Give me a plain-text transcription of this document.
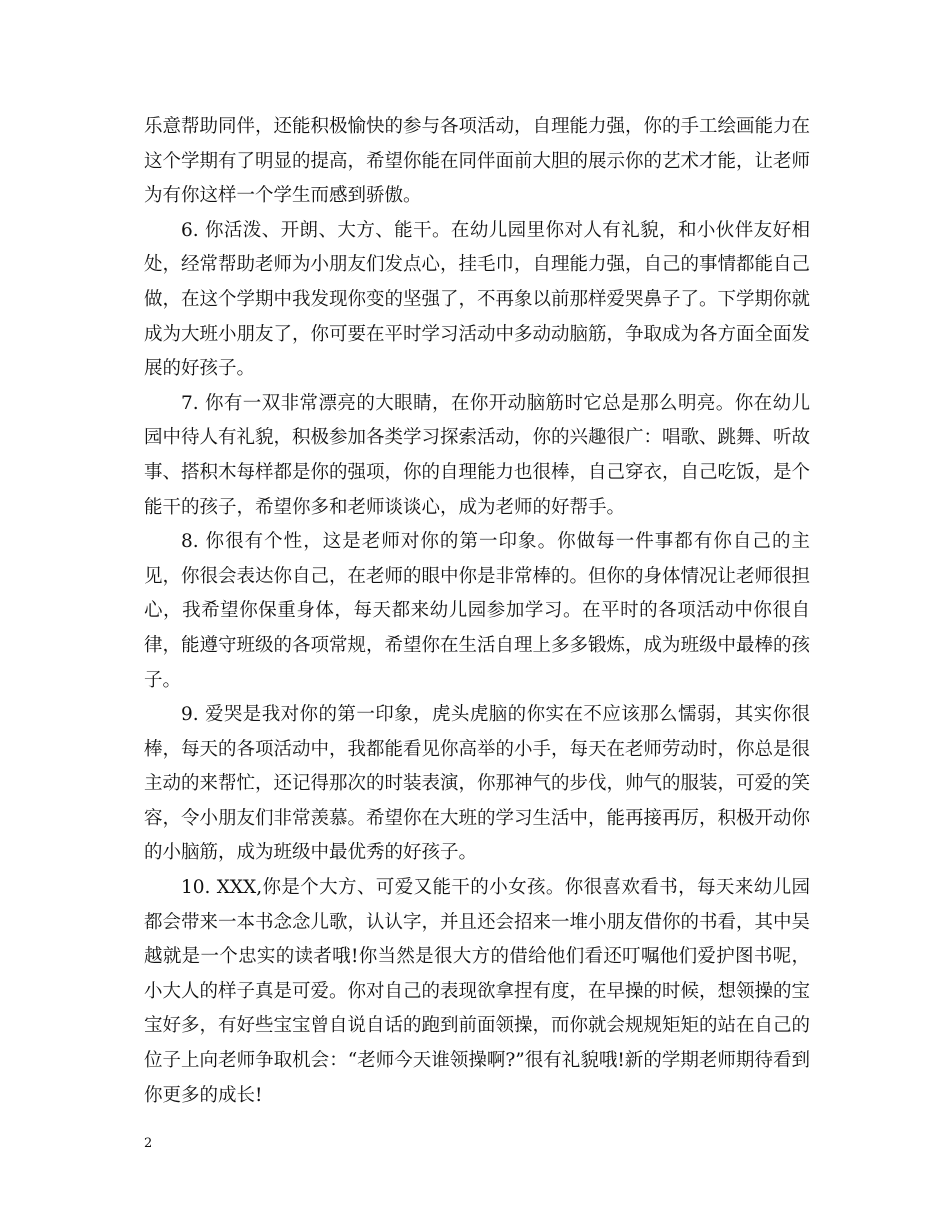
乐意帮助同伴，还能积极愉快的参与各项活动，自理能力强，你的手工绘画能力在这个学期有了明显的提高，希望你能在同伴面前大胆的展示你的艺术才能，让老师为有你这样一个学生而感到骄傲。

6. 你活泼、开朗、大方、能干。在幼儿园里你对人有礼貌，和小伙伴友好相处，经常帮助老师为小朋友们发点心，挂毛巾，自理能力强，自己的事情都能自己做，在这个学期中我发现你变的坚强了，不再象以前那样爱哭鼻子了。下学期你就成为大班小朋友了，你可要在平时学习活动中多动动脑筋，争取成为各方面全面发展的好孩子。

7. 你有一双非常漂亮的大眼睛，在你开动脑筋时它总是那么明亮。你在幼儿园中待人有礼貌，积极参加各类学习探索活动，你的兴趣很广：唱歌、跳舞、听故事、搭积木每样都是你的强项，你的自理能力也很棒，自己穿衣，自己吃饭，是个能干的孩子，希望你多和老师谈谈心，成为老师的好帮手。

8. 你很有个性，这是老师对你的第一印象。你做每一件事都有你自己的主见，你很会表达你自己，在老师的眼中你是非常棒的。但你的身体情况让老师很担心，我希望你保重身体，每天都来幼儿园参加学习。在平时的各项活动中你很自律，能遵守班级的各项常规，希望你在生活自理上多多锻炼，成为班级中最棒的孩子。

9. 爱哭是我对你的第一印象，虎头虎脑的你实在不应该那么懦弱，其实你很棒，每天的各项活动中，我都能看见你高举的小手，每天在老师劳动时，你总是很主动的来帮忙，还记得那次的时装表演，你那神气的步伐，帅气的服装，可爱的笑容，令小朋友们非常羡慕。希望你在大班的学习生活中，能再接再厉，积极开动你的小脑筋，成为班级中最优秀的好孩子。

10. XXX,你是个大方、可爱又能干的小女孩。你很喜欢看书，每天来幼儿园都会带来一本书念念儿歌，认认字，并且还会招来一堆小朋友借你的书看，其中吴越就是一个忠实的读者哦!你当然是很大方的借给他们看还叮嘱他们爱护图书呢，小大人的样子真是可爱。你对自己的表现欲拿捏有度，在早操的时候，想领操的宝宝好多，有好些宝宝曾自说自话的跑到前面领操，而你就会规规矩矩的站在自己的位子上向老师争取机会：“老师今天谁领操啊?”很有礼貌哦!新的学期老师期待看到你更多的成长!

2
